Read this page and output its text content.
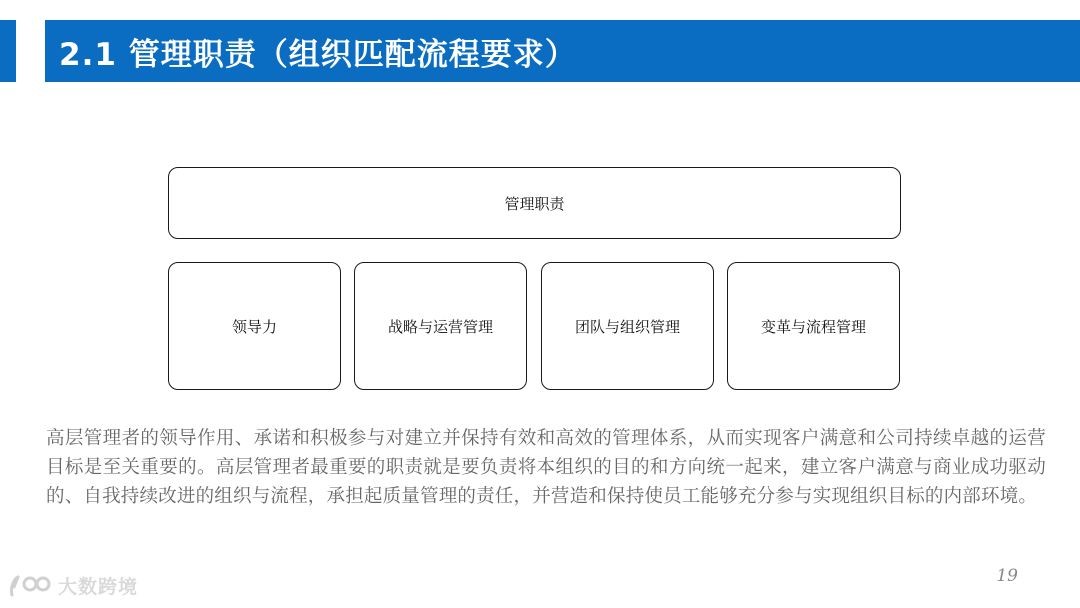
2.1 管理职责（组织匹配流程要求）
管理职责
领导力	战略与运营管理	团队与组织管理	变革与流程管理
高层管理者的领导作用、承诺和积极参与对建立并保持有效和高效的管理体系，从而实现客户满意和公司持续卓越的运营目标是至关重要的。高层管理者最重要的职责就是要负责将本组织的目的和方向统一起来，建立客户满意与商业成功驱动的、自我持续改进的组织与流程，承担起质量管理的责任，并营造和保持使员工能够充分参与实现组织目标的内部环境。
19
大数跨境
